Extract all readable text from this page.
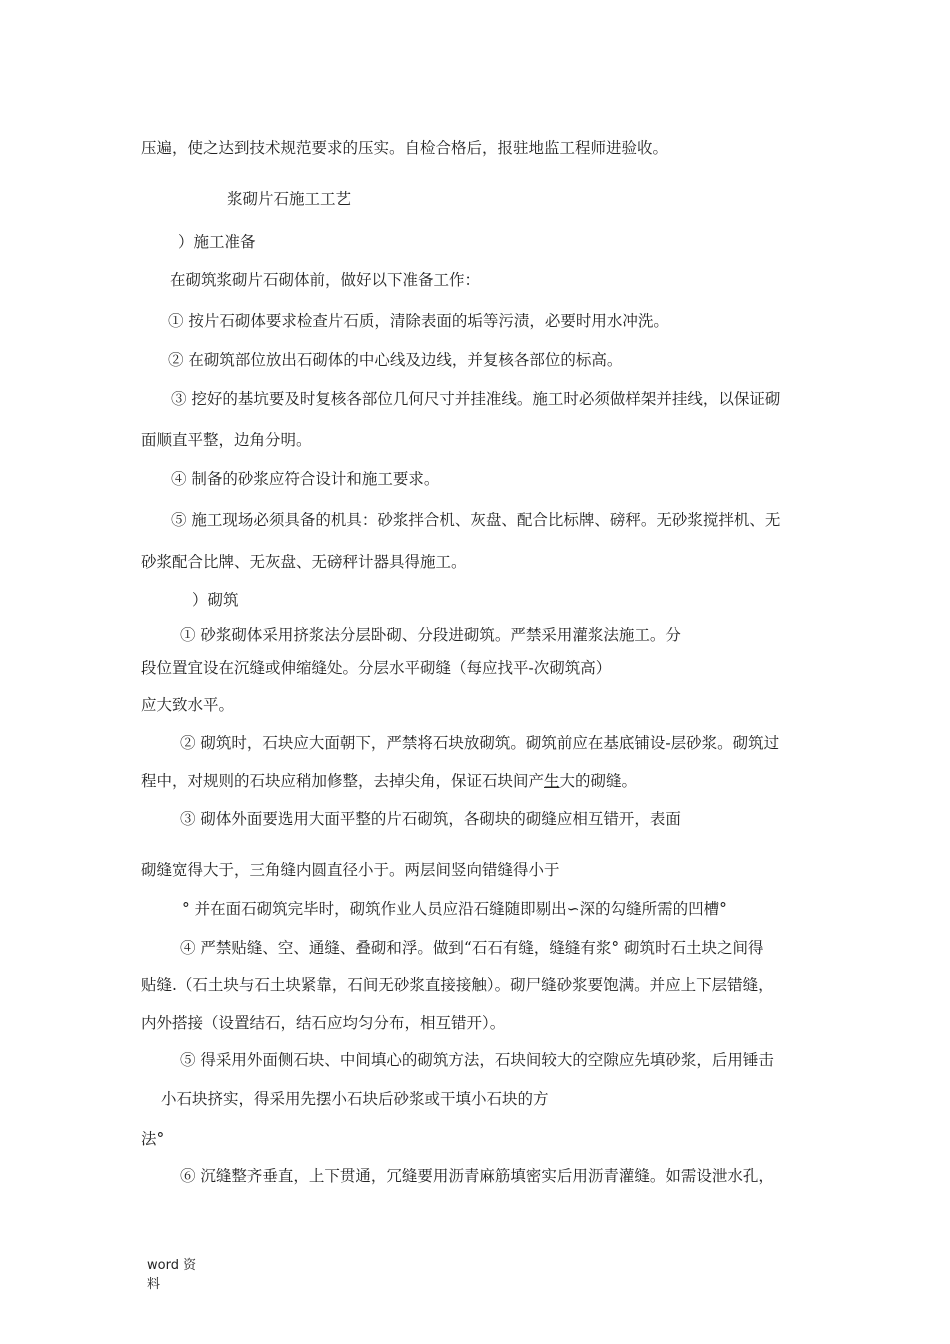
压遍，使之达到技术规范要求的压实。自检合格后，报驻地监工程师进验收。
浆砌片石施工工艺
）施工准备
在砌筑浆砌片石砌体前，做好以下准备工作：
① 按片石砌体要求检查片石质，清除表面的垢等污渍，必要时用水冲洗。
② 在砌筑部位放出石砌体的中心线及边线，并复核各部位的标高。
③ 挖好的基坑要及时复核各部位几何尺寸并挂准线。施工时必须做样架并挂线，以保证砌
面顺直平整，边角分明。
④ 制备的砂浆应符合设计和施工要求。
⑤ 施工现场必须具备的机具：砂浆拌合机、灰盘、配合比标牌、磅秤。无砂浆搅拌机、无
砂浆配合比牌、无灰盘、无磅秤计器具得施工。
）砌筑
① 砂浆砌体采用挤浆法分层卧砌、分段进砌筑。严禁采用灌浆法施工。分
段位置宜设在沉缝或伸缩缝处。分层水平砌缝（每应找平-次砌筑高）
应大致水平。
② 砌筑时，石块应大面朝下，严禁将石块放砌筑。砌筑前应在基底铺设-层砂浆。砌筑过
程中，对规则的石块应稍加修整，去掉尖角，保证石块间产生大的砌缝。
③ 砌体外面要选用大面平整的片石砌筑，各砌块的砌缝应相互错开，表面
砌缝宽得大于，三角缝内圆直径小于。两层间竖向错缝得小于
° 并在面石砌筑完毕时，砌筑作业人员应沿石缝随即剔出∽深的勾缝所需的凹槽°
④ 严禁贴缝、空、通缝、叠砌和浮。做到“石石有缝，缝缝有浆° 砌筑时石土块之间得
贴缝.（石土块与石土块紧靠，石间无砂浆直接接触）。砌尸缝砂浆要饱满。并应上下层错缝，
内外搭接（设置结石，结石应均匀分布，相互错开）。
⑤ 得采用外面侧石块、中间填心的砌筑方法，石块间较大的空隙应先填砂浆，后用锤击
小石块挤实，得采用先摆小石块后砂浆或干填小石块的方
法°
⑥ 沉缝整齐垂直，上下贯通，冗缝要用沥青麻筋填密实后用沥青灌缝。如需设泄水孔，
word 资
料
